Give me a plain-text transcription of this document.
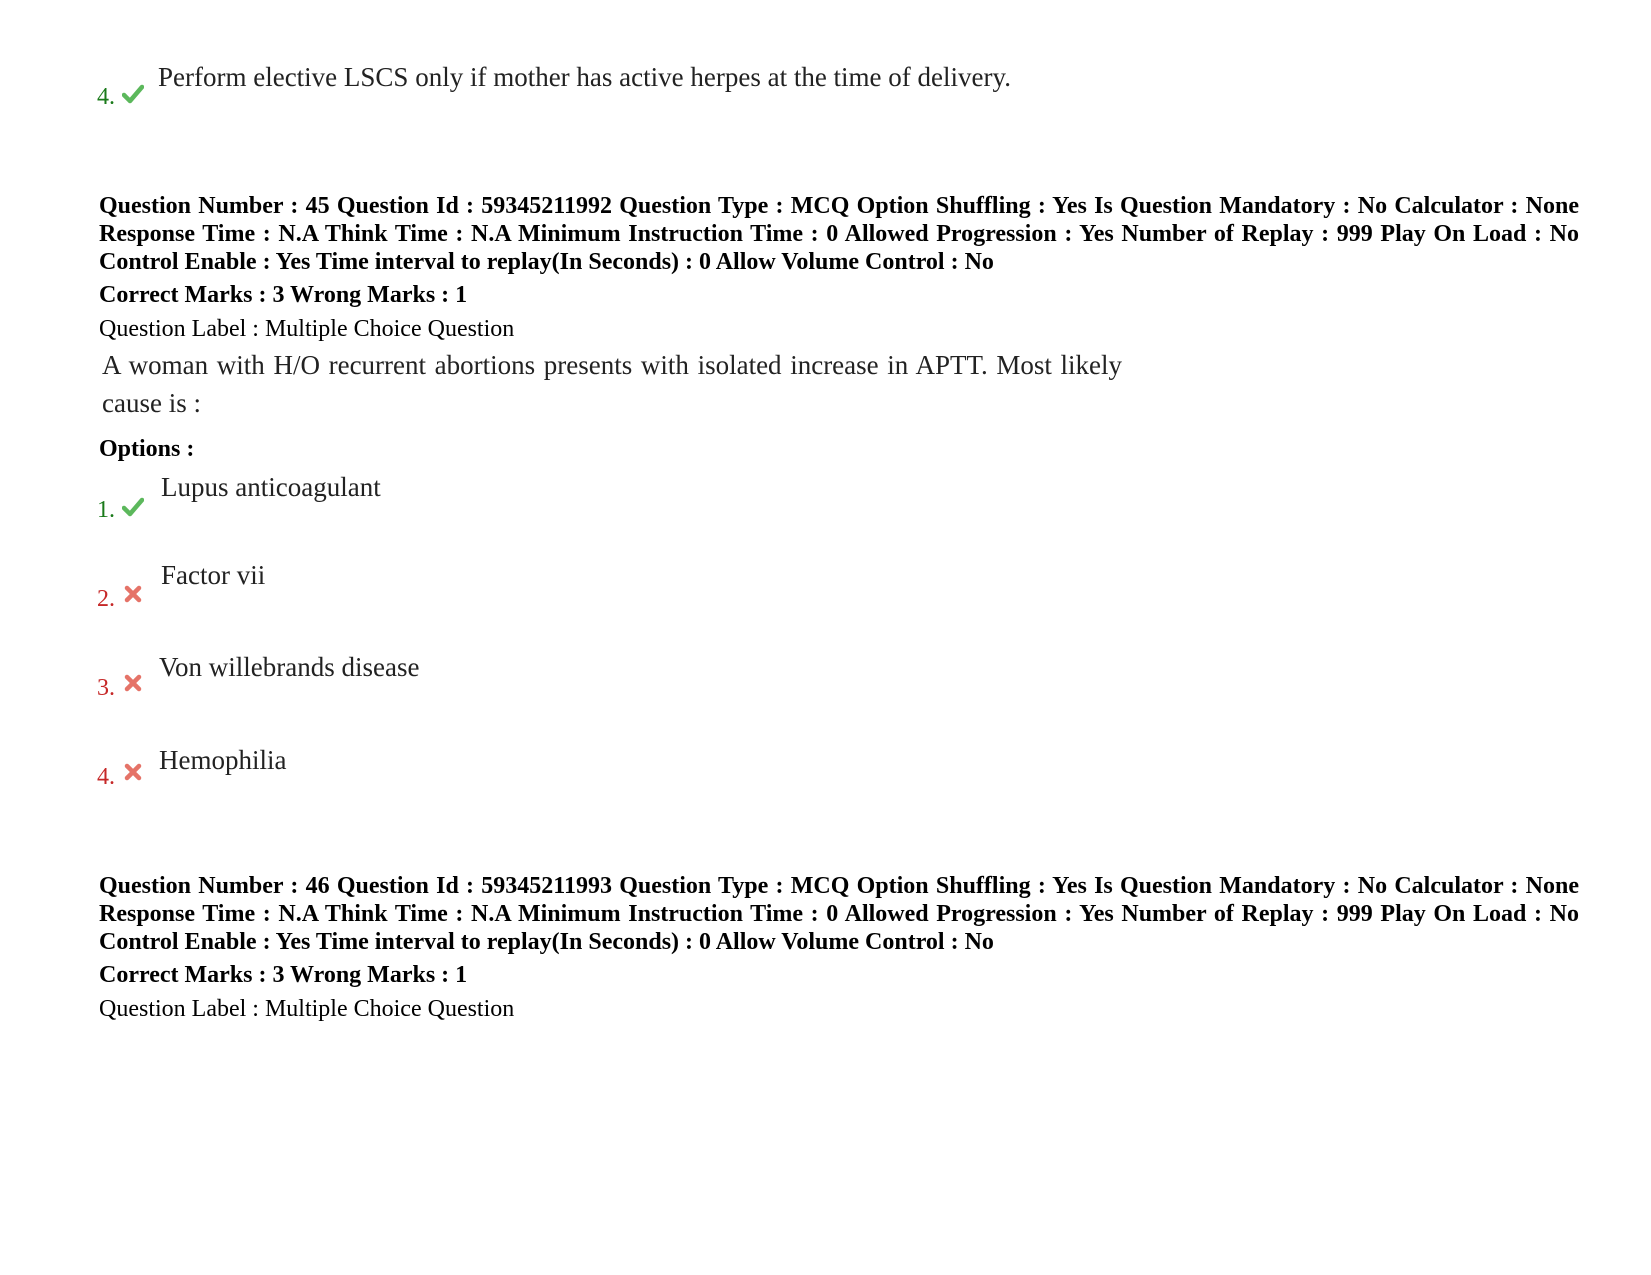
4.
Perform elective LSCS only if mother has active herpes at the time of delivery.
Question Number : 45 Question Id : 59345211992 Question Type : MCQ Option Shuffling : Yes Is Question Mandatory : No Calculator : None Response Time : N.A Think Time : N.A Minimum Instruction Time : 0 Allowed Progression : Yes Number of Replay : 999 Play On Load : No Control Enable : Yes Time interval to replay(In Seconds) : 0 Allow Volume Control : No
Correct Marks : 3 Wrong Marks : 1
Question Label : Multiple Choice Question
A woman with H/O recurrent abortions presents with isolated increase in APTT. Most likely cause is :
Options :
1.
Lupus anticoagulant
2.
Factor vii
3.
Von willebrands disease
4.
Hemophilia
Question Number : 46 Question Id : 59345211993 Question Type : MCQ Option Shuffling : Yes Is Question Mandatory : No Calculator : None Response Time : N.A Think Time : N.A Minimum Instruction Time : 0 Allowed Progression : Yes Number of Replay : 999 Play On Load : No Control Enable : Yes Time interval to replay(In Seconds) : 0 Allow Volume Control : No
Correct Marks : 3 Wrong Marks : 1
Question Label : Multiple Choice Question
